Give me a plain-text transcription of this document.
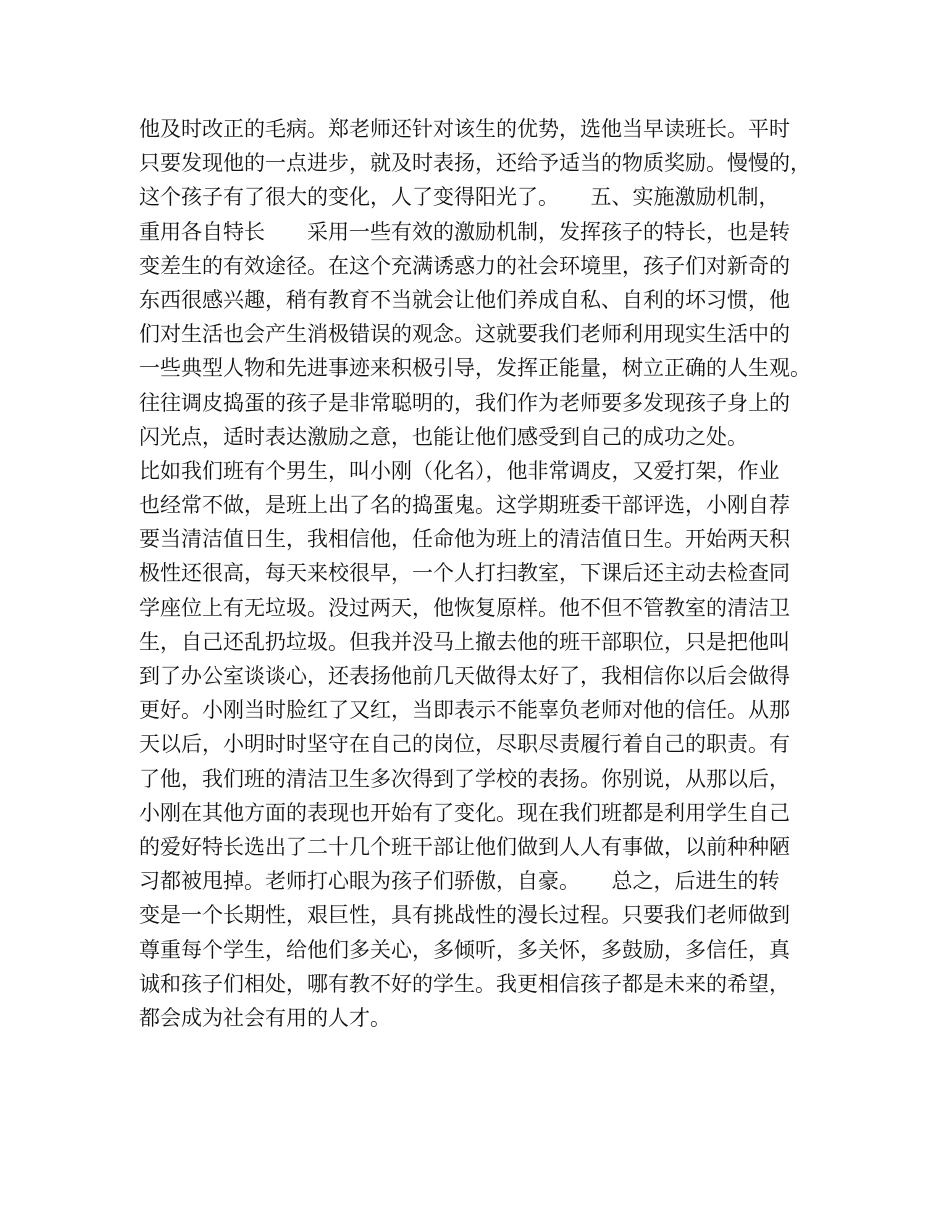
他及时改正的毛病。郑老师还针对该生的优势，选他当早读班长。平时
只要发现他的一点进步，就及时表扬，还给予适当的物质奖励。慢慢的，
这个孩子有了很大的变化，人了变得阳光了。　　五、实施激励机制，
重用各自特长　　采用一些有效的激励机制，发挥孩子的特长，也是转
变差生的有效途径。在这个充满诱惑力的社会环境里，孩子们对新奇的
东西很感兴趣，稍有教育不当就会让他们养成自私、自利的坏习惯，他
们对生活也会产生消极错误的观念。这就要我们老师利用现实生活中的
一些典型人物和先进事迹来积极引导，发挥正能量，树立正确的人生观。
往往调皮捣蛋的孩子是非常聪明的，我们作为老师要多发现孩子身上的
闪光点，适时表达激励之意，也能让他们感受到自己的成功之处。
比如我们班有个男生，叫小刚（化名），他非常调皮，又爱打架，作业
也经常不做，是班上出了名的捣蛋鬼。这学期班委干部评选，小刚自荐
要当清洁值日生，我相信他，任命他为班上的清洁值日生。开始两天积
极性还很高，每天来校很早，一个人打扫教室，下课后还主动去检查同
学座位上有无垃圾。没过两天，他恢复原样。他不但不管教室的清洁卫
生，自己还乱扔垃圾。但我并没马上撤去他的班干部职位，只是把他叫
到了办公室谈谈心，还表扬他前几天做得太好了，我相信你以后会做得
更好。小刚当时脸红了又红，当即表示不能辜负老师对他的信任。从那
天以后，小明时时坚守在自己的岗位，尽职尽责履行着自己的职责。有
了他，我们班的清洁卫生多次得到了学校的表扬。你别说，从那以后，
小刚在其他方面的表现也开始有了变化。现在我们班都是利用学生自己
的爱好特长选出了二十几个班干部让他们做到人人有事做，以前种种陋
习都被甩掉。老师打心眼为孩子们骄傲，自豪。　　总之，后进生的转
变是一个长期性，艰巨性，具有挑战性的漫长过程。只要我们老师做到
尊重每个学生，给他们多关心，多倾听，多关怀，多鼓励，多信任，真
诚和孩子们相处，哪有教不好的学生。我更相信孩子都是未来的希望，
都会成为社会有用的人才。
